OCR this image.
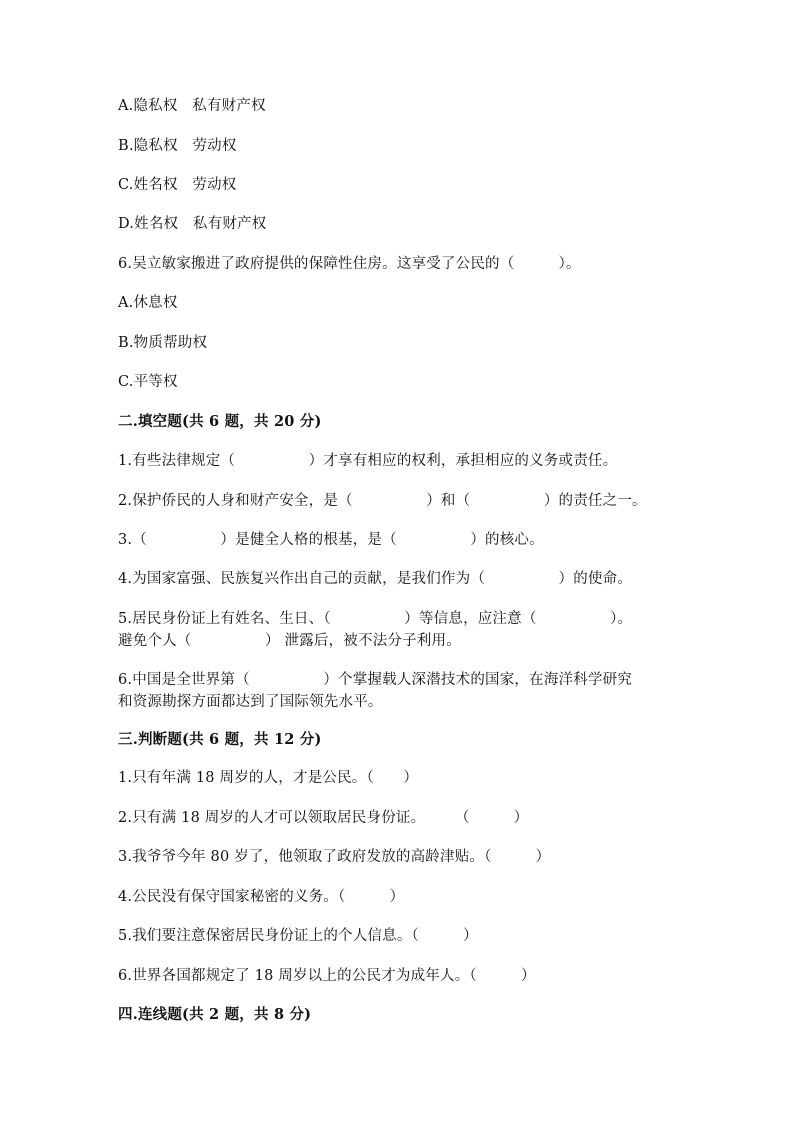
A.隐私权　私有财产权

B.隐私权　劳动权

C.姓名权　劳动权

D.姓名权　私有财产权

6.吴立敏家搬进了政府提供的保障性住房。这享受了公民的（　　　）。

A.休息权

B.物质帮助权

C.平等权

二.填空题(共 6 题，共 20 分)

1.有些法律规定（　　　　　）才享有相应的权利，承担相应的义务或责任。

2.保护侨民的人身和财产安全，是（　　　　　）和（　　　　　）的责任之一。

3.（　　　　　）是健全人格的根基，是（　　　　　）的核心。

4.为国家富强、民族复兴作出自己的贡献，是我们作为（　　　　　）的使命。

5.居民身份证上有姓名、生日、（　　　　　）等信息，应注意（　　　　　）。

避免个人（　　　　　） 泄露后，被不法分子利用。

6.中国是全世界第（　　　　　）个掌握载人深潜技术的国家，在海洋科学研究

和资源勘探方面都达到了国际领先水平。

三.判断题(共 6 题，共 12 分)

1.只有年满 18 周岁的人，才是公民。（　　）

2.只有满 18 周岁的人才可以领取居民身份证。　　　（　　　）

3.我爷爷今年 80 岁了，他领取了政府发放的高龄津贴。（　　　）

4.公民没有保守国家秘密的义务。（　　　）

5.我们要注意保密居民身份证上的个人信息。（　　　）

6.世界各国都规定了 18 周岁以上的公民才为成年人。（　　　）

四.连线题(共 2 题，共 8 分)
